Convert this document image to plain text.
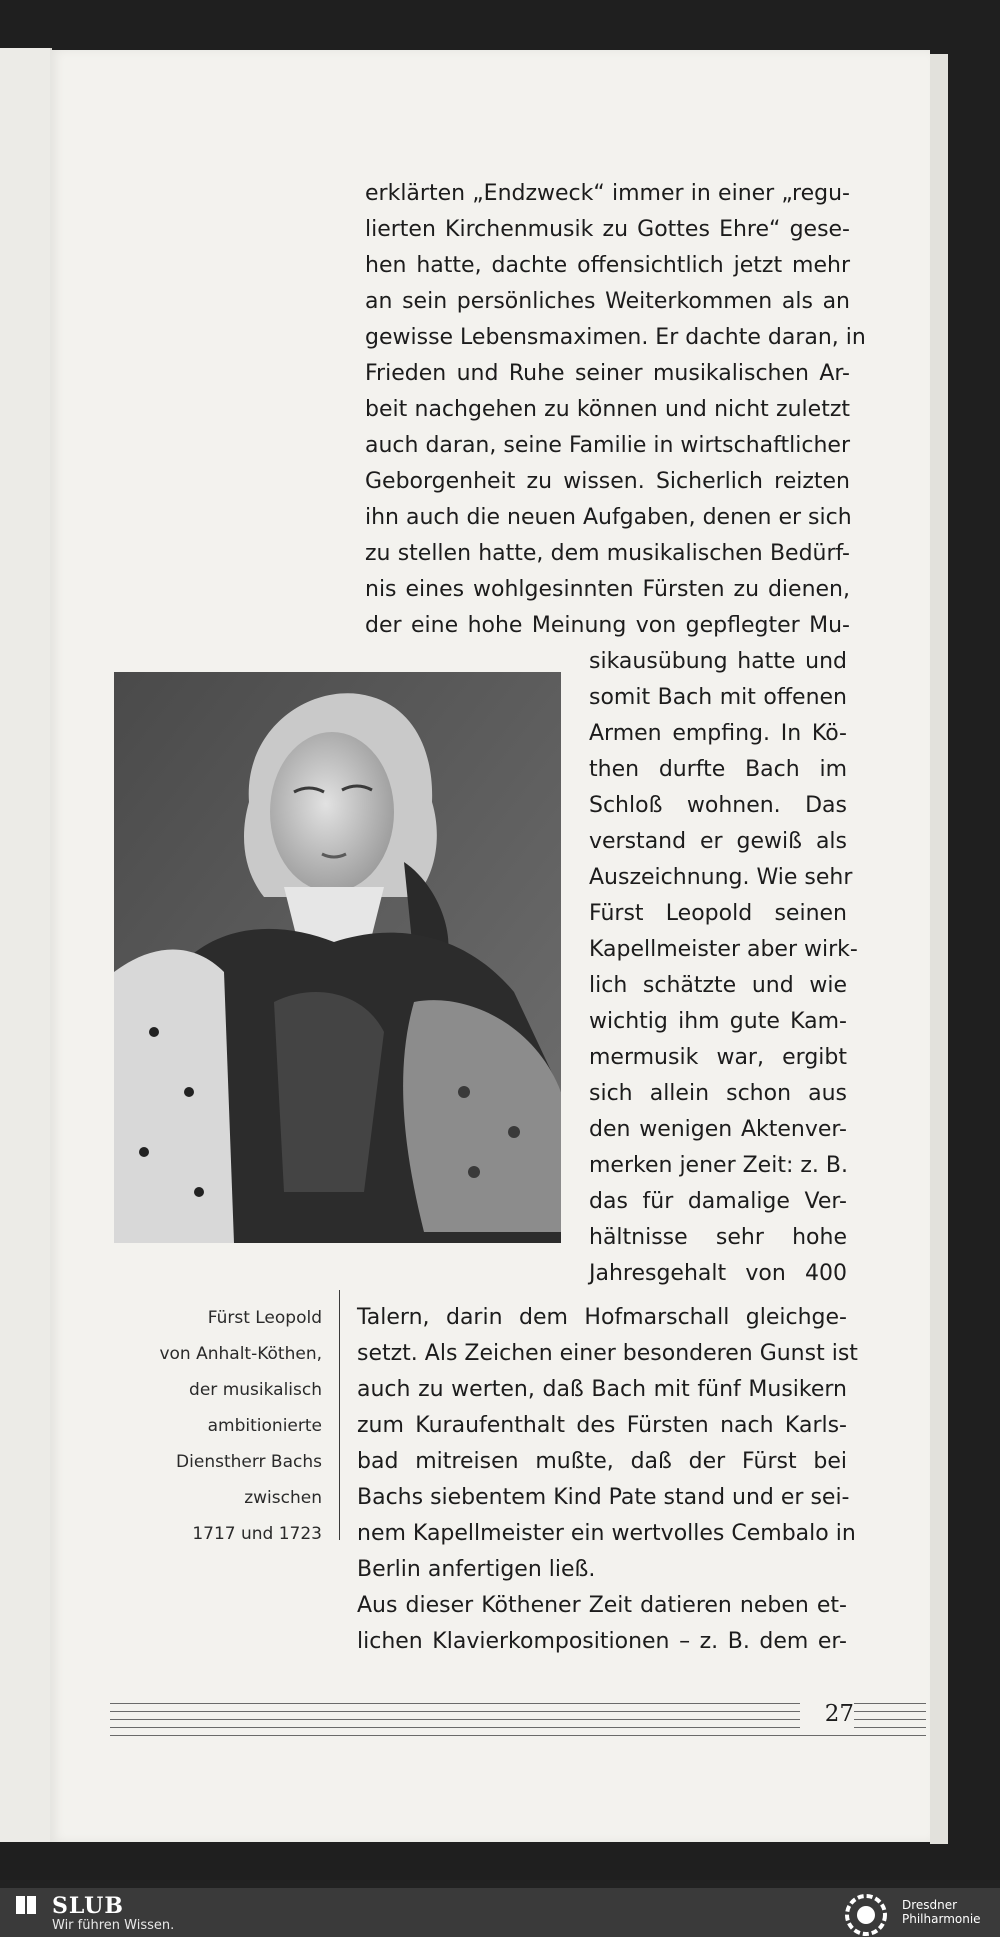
erklärten „Endzweck“ immer in einer „regu-
lierten Kirchenmusik zu Gottes Ehre“ gese-
hen hatte, dachte offensichtlich jetzt mehr
an sein persönliches Weiterkommen als an
gewisse Lebensmaximen. Er dachte daran, in
Frieden und Ruhe seiner musikalischen Ar-
beit nachgehen zu können und nicht zuletzt
auch daran, seine Familie in wirtschaftlicher
Geborgenheit zu wissen. Sicherlich reizten
ihn auch die neuen Aufgaben, denen er sich
zu stellen hatte, dem musikalischen Bedürf-
nis eines wohlgesinnten Fürsten zu dienen,
der eine hohe Meinung von gepflegter Mu-
sikausübung hatte und
somit Bach mit offenen
Armen empfing. In Kö-
then durfte Bach im
Schloß wohnen. Das
verstand er gewiß als
Auszeichnung. Wie sehr
Fürst Leopold seinen
Kapellmeister aber wirk-
lich schätzte und wie
wichtig ihm gute Kam-
mermusik war, ergibt
sich allein schon aus
den wenigen Aktenver-
merken jener Zeit: z. B.
das für damalige Ver-
hältnisse sehr hohe
Jahresgehalt von 400
Fürst Leopold
von Anhalt-Köthen,
der musikalisch
ambitionierte
Dienstherr Bachs
zwischen
1717 und 1723
Talern, darin dem Hofmarschall gleichge-
setzt. Als Zeichen einer besonderen Gunst ist
auch zu werten, daß Bach mit fünf Musikern
zum Kuraufenthalt des Fürsten nach Karls-
bad mitreisen mußte, daß der Fürst bei
Bachs siebentem Kind Pate stand und er sei-
nem Kapellmeister ein wertvolles Cembalo in
Berlin anfertigen ließ.
Aus dieser Köthener Zeit datieren neben et-
lichen Klavierkompositionen – z. B. dem er-
27
SLUB
Wir führen Wissen.
Dresdner
Philharmonie
